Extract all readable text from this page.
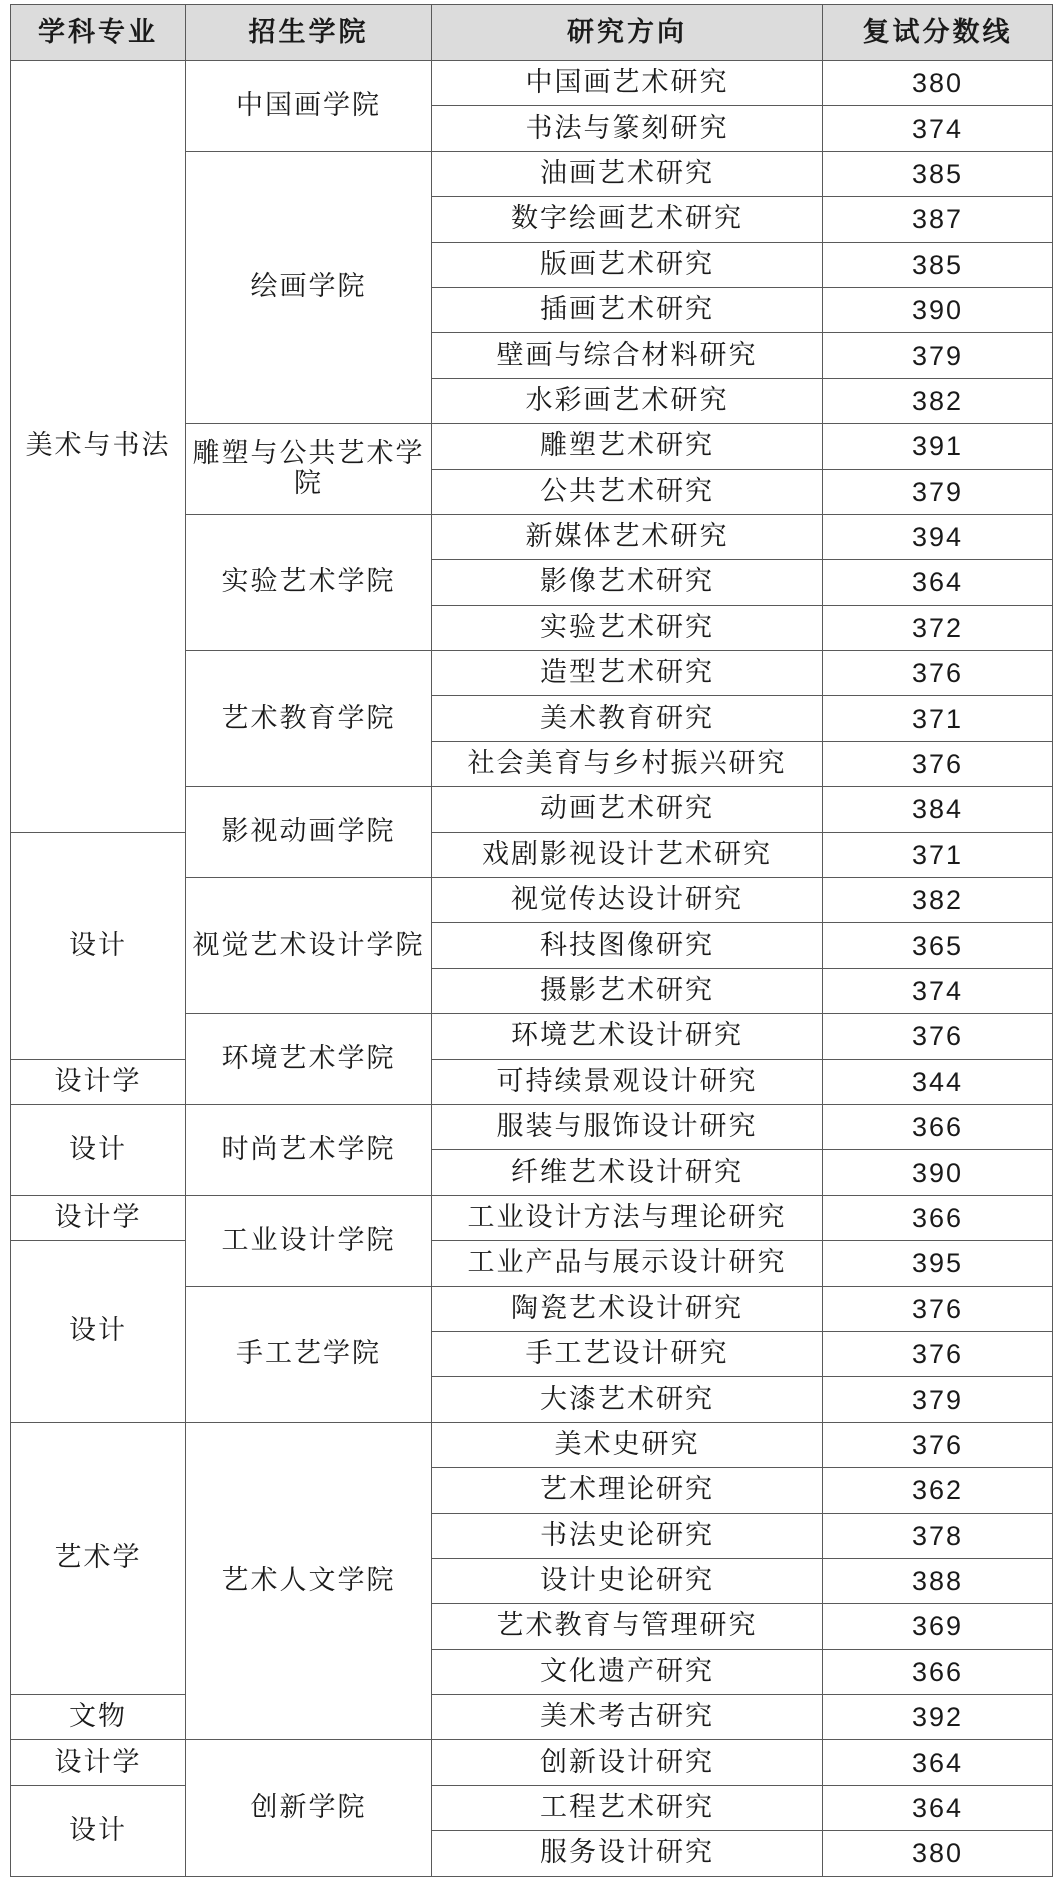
学科专业	招生学院	研究方向	复试分数线
美术与书法	中国画学院	中国画艺术研究	380
		书法与篆刻研究	374
	绘画学院	油画艺术研究	385
		数字绘画艺术研究	387
		版画艺术研究	385
		插画艺术研究	390
		壁画与综合材料研究	379
		水彩画艺术研究	382
	雕塑与公共艺术学院	雕塑艺术研究	391
		公共艺术研究	379
	实验艺术学院	新媒体艺术研究	394
		影像艺术研究	364
		实验艺术研究	372
	艺术教育学院	造型艺术研究	376
		美术教育研究	371
		社会美育与乡村振兴研究	376
	影视动画学院	动画艺术研究	384
设计		戏剧影视设计艺术研究	371
	视觉艺术设计学院	视觉传达设计研究	382
		科技图像研究	365
		摄影艺术研究	374
	环境艺术学院	环境艺术设计研究	376
设计学		可持续景观设计研究	344
设计	时尚艺术学院	服装与服饰设计研究	366
		纤维艺术设计研究	390
设计学	工业设计学院	工业设计方法与理论研究	366
设计		工业产品与展示设计研究	395
	手工艺学院	陶瓷艺术设计研究	376
		手工艺设计研究	376
		大漆艺术研究	379
艺术学	艺术人文学院	美术史研究	376
		艺术理论研究	362
		书法史论研究	378
		设计史论研究	388
		艺术教育与管理研究	369
		文化遗产研究	366
文物		美术考古研究	392
设计学	创新学院	创新设计研究	364
设计		工程艺术研究	364
		服务设计研究	380
